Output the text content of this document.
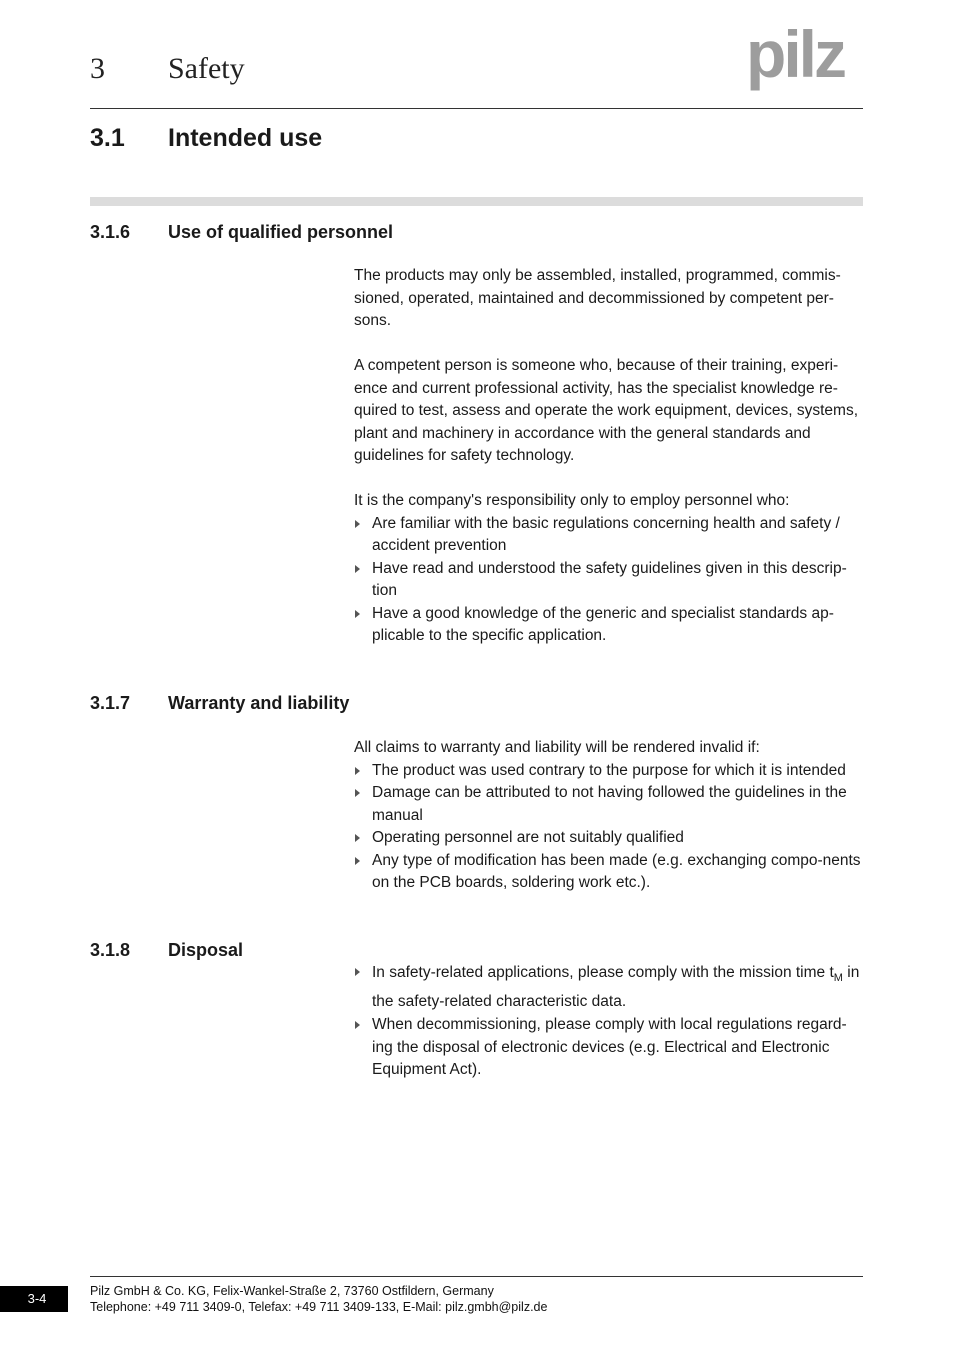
3 Safety	pilz
3.1 Intended use
3.1.6 Use of qualified personnel

The products may only be assembled, installed, programmed, commis-sioned, operated, maintained and decommissioned by competent per-sons.

A competent person is someone who, because of their training, experi-ence and current professional activity, has the specialist knowledge re-quired to test, assess and operate the work equipment, devices, systems, plant and machinery in accordance with the general standards and guidelines for safety technology.

It is the company's responsibility only to employ personnel who:

Are familiar with the basic regulations concerning health and safety / accident prevention
Have read and understood the safety guidelines given in this descrip-tion
Have a good knowledge of the generic and specialist standards ap-plicable to the specific application.
3.1.7 Warranty and liability

All claims to warranty and liability will be rendered invalid if:

The product was used contrary to the purpose for which it is intended
Damage can be attributed to not having followed the guidelines in the manual
Operating personnel are not suitably qualified
Any type of modification has been made (e.g. exchanging compo-nents on the PCB boards, soldering work etc.).
3.1.8 Disposal
In safety-related applications, please comply with the mission time $t_M$ in the safety-related characteristic data.
When decommissioning, please comply with local regulations regard-ing the disposal of electronic devices (e.g. Electrical and Electronic Equipment Act).
3-4	Pilz GmbH & Co. KG, Felix-Wankel-Straße 2, 73760 Ostfildern, Germany
Telephone: +49 711 3409-0, Telefax: +49 711 3409-133, E-Mail: pilz.gmbh@pilz.de
